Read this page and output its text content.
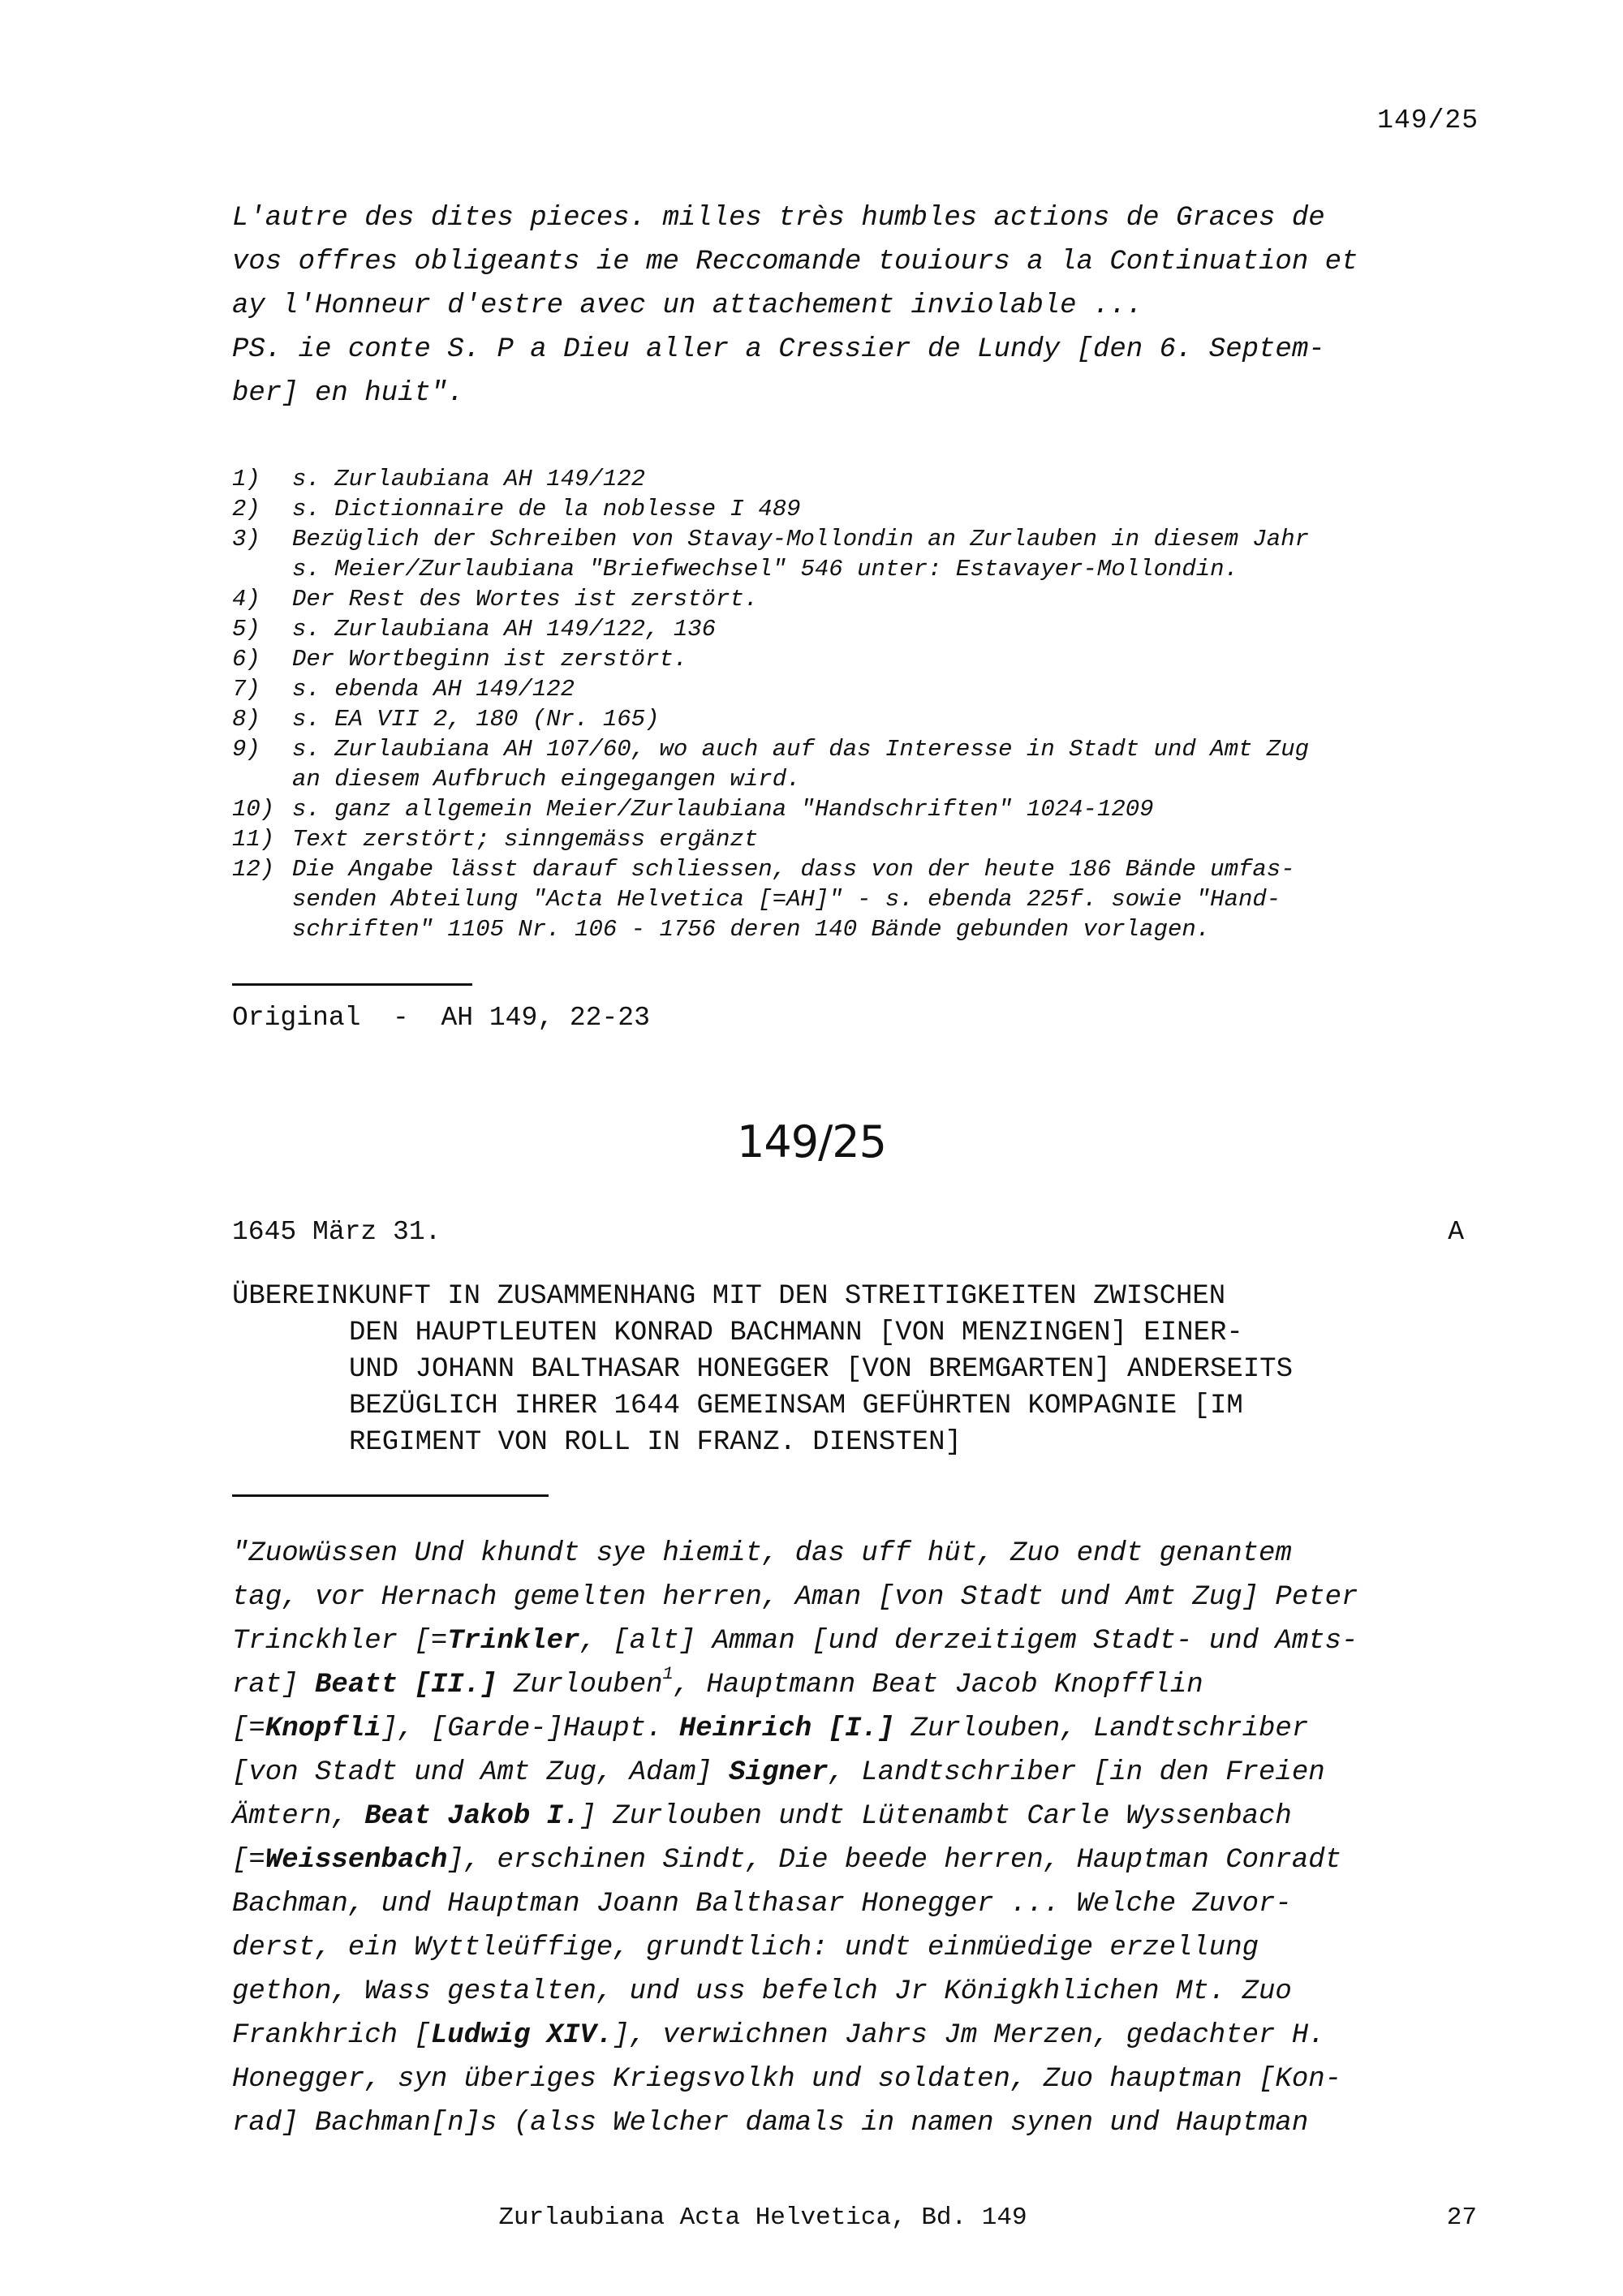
149/25
L'autre des dites pieces. milles très humbles actions de Graces de
vos offres obligeants ie me Reccomande touiours a la Continuation et
ay l'Honneur d'estre avec un attachement inviolable ...
PS. ie conte S. P a Dieu aller a Cressier de Lundy [den 6. Septem-
ber] en huit".
1) s. Zurlaubiana AH 149/122
2) s. Dictionnaire de la noblesse I 489
3) Bezüglich der Schreiben von Stavay-Mollondin an Zurlauben in diesem Jahr
s. Meier/Zurlaubiana "Briefwechsel" 546 unter: Estavayer-Mollondin.
4) Der Rest des Wortes ist zerstört.
5) s. Zurlaubiana AH 149/122, 136
6) Der Wortbeginn ist zerstört.
7) s. ebenda AH 149/122
8) s. EA VII 2, 180 (Nr. 165)
9) s. Zurlaubiana AH 107/60, wo auch auf das Interesse in Stadt und Amt Zug
an diesem Aufbruch eingegangen wird.
10) s. ganz allgemein Meier/Zurlaubiana "Handschriften" 1024-1209
11) Text zerstört; sinngemäss ergänzt
12) Die Angabe lässt darauf schliessen, dass von der heute 186 Bände umfas-
senden Abteilung "Acta Helvetica [=AH]" - s. ebenda 225f. sowie "Hand-
schriften" 1105 Nr. 106 - 1756 deren 140 Bände gebunden vorlagen.
Original  -  AH 149, 22-23
149/25
1645 März 31.	A
ÜBEREINKUNFT IN ZUSAMMENHANG MIT DEN STREITIGKEITEN ZWISCHEN
DEN HAUPTLEUTEN KONRAD BACHMANN [VON MENZINGEN] EINER-
UND JOHANN BALTHASAR HONEGGER [VON BREMGARTEN] ANDERSEITS
BEZÜGLICH IHRER 1644 GEMEINSAM GEFÜHRTEN KOMPAGNIE [IM
REGIMENT VON ROLL IN FRANZ. DIENSTEN]
"Zuowüssen Und khundt sye hiemit, das uff hüt, Zuo endt genantem
tag, vor Hernach gemelten herren, Aman [von Stadt und Amt Zug] Peter
Trinckhler [=Trinkler, [alt] Amman [und derzeitigem Stadt- und Amts-
rat] Beatt [II.] Zurlouben$^1$, Hauptmann Beat Jacob Knopfflin
[=Knopfli], [Garde-]Haupt. Heinrich [I.] Zurlouben, Landtschriber
[von Stadt und Amt Zug, Adam] Signer, Landtschriber [in den Freien
Ämtern, Beat Jakob I.] Zurlouben undt Lütenambt Carle Wyssenbach
[=Weissenbach], erschinen Sindt, Die beede herren, Hauptman Conradt
Bachman, und Hauptman Joann Balthasar Honegger ... Welche Zuvor-
derst, ein Wyttleüffige, grundtlich: undt einmüedige erzellung
gethon, Wass gestalten, und uss befelch Jr Königkhlichen Mt. Zuo
Frankhrich [Ludwig XIV.], verwichnen Jahrs Jm Merzen, gedachter H.
Honegger, syn überiges Kriegsvolkh und soldaten, Zuo hauptman [Kon-
rad] Bachman[n]s (alss Welcher damals in namen synen und Hauptman
Zurlaubiana Acta Helvetica, Bd. 149	27
